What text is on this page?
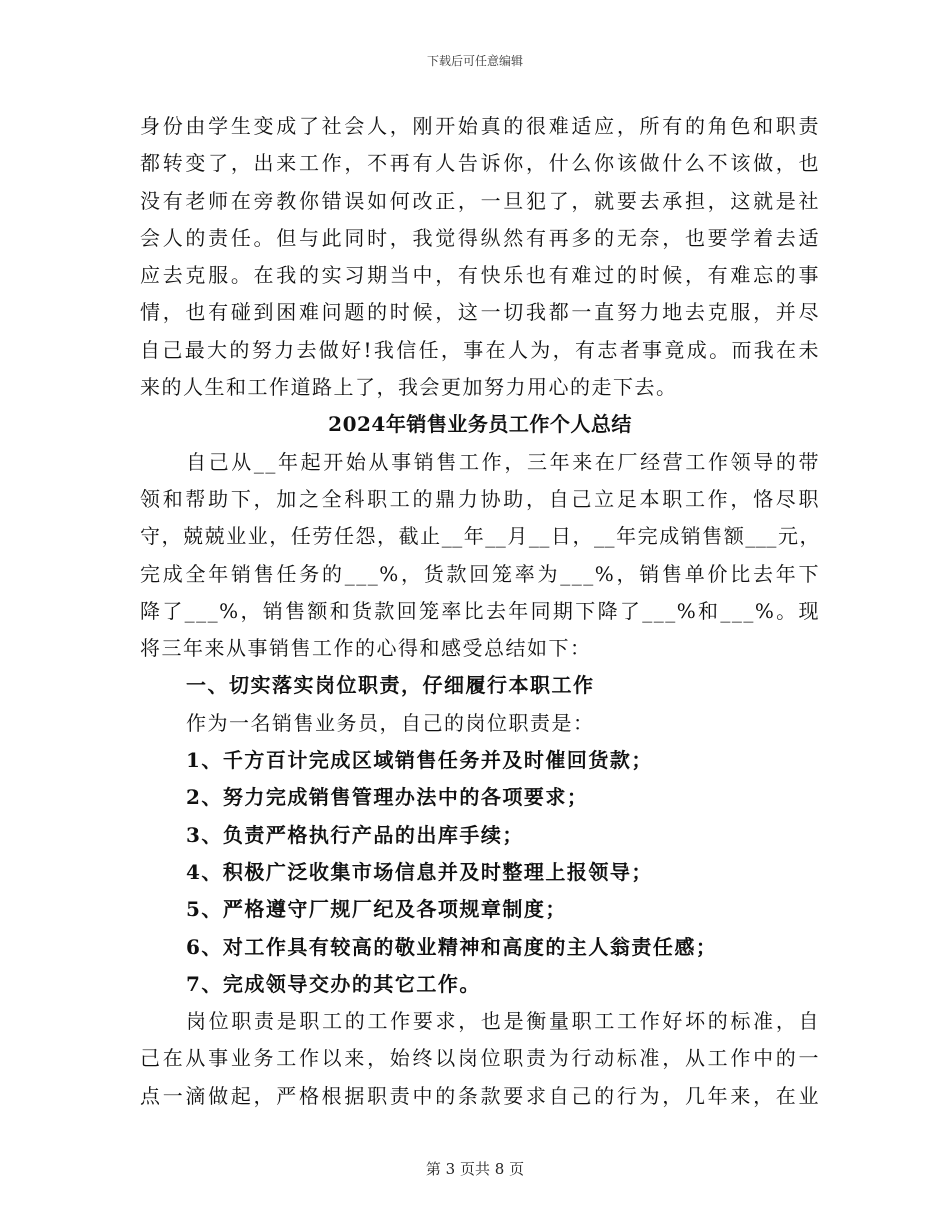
下载后可任意编辑
身份由学生变成了社会人，刚开始真的很难适应，所有的角色和职责
都转变了，出来工作，不再有人告诉你，什么你该做什么不该做，也
没有老师在旁教你错误如何改正，一旦犯了，就要去承担，这就是社
会人的责任。但与此同时，我觉得纵然有再多的无奈，也要学着去适
应去克服。在我的实习期当中，有快乐也有难过的时候，有难忘的事
情，也有碰到困难问题的时候，这一切我都一直努力地去克服，并尽
自己最大的努力去做好!我信任，事在人为，有志者事竟成。而我在未
来的人生和工作道路上了，我会更加努力用心的走下去。
2024年销售业务员工作个人总结
自己从__年起开始从事销售工作，三年来在厂经营工作领导的带
领和帮助下，加之全科职工的鼎力协助，自己立足本职工作，恪尽职
守，兢兢业业，任劳任怨，截止__年__月__日，__年完成销售额___元，
完成全年销售任务的___%，货款回笼率为___%，销售单价比去年下
降了___%，销售额和货款回笼率比去年同期下降了___%和___%。现
将三年来从事销售工作的心得和感受总结如下：
一、切实落实岗位职责，仔细履行本职工作
作为一名销售业务员，自己的岗位职责是：
1、千方百计完成区域销售任务并及时催回货款；
2、努力完成销售管理办法中的各项要求；
3、负责严格执行产品的出库手续；
4、积极广泛收集市场信息并及时整理上报领导；
5、严格遵守厂规厂纪及各项规章制度；
6、对工作具有较高的敬业精神和高度的主人翁责任感；
7、完成领导交办的其它工作。
岗位职责是职工的工作要求，也是衡量职工工作好坏的标准，自
己在从事业务工作以来，始终以岗位职责为行动标准，从工作中的一
点一滴做起，严格根据职责中的条款要求自己的行为，几年来，在业
第 3 页共 8 页
